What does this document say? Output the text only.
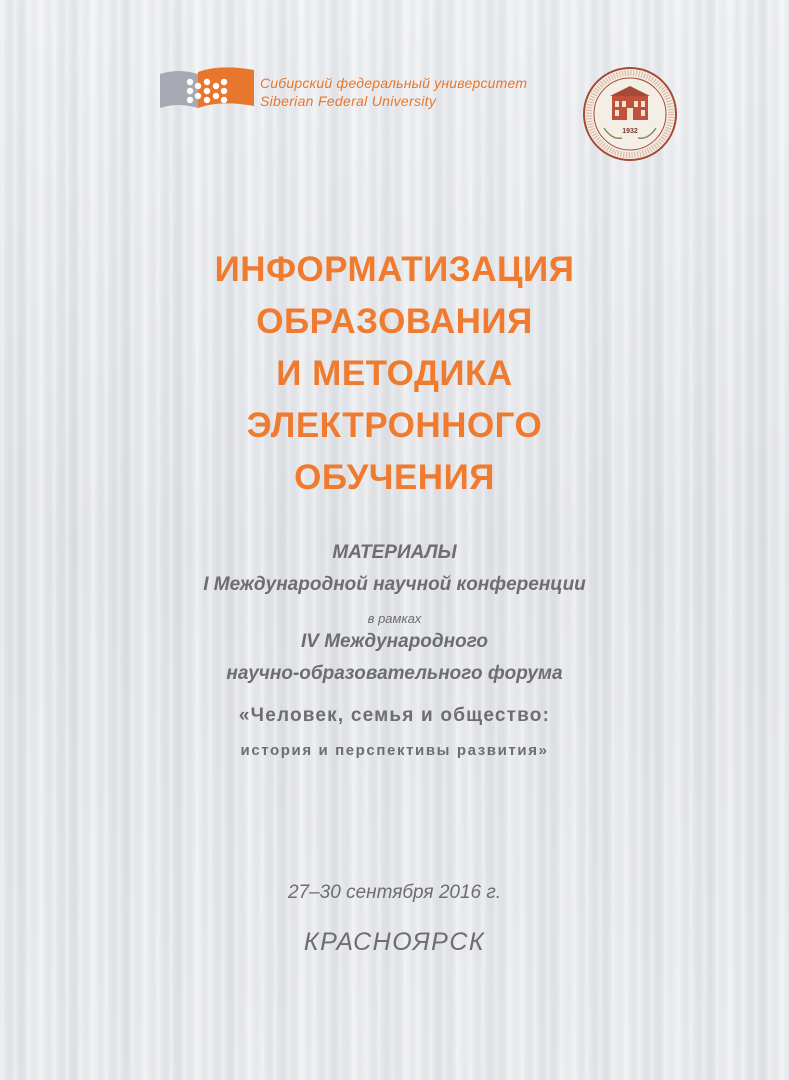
Сибирский федеральный университет
Siberian Federal University
1932
ИНФОРМАТИЗАЦИЯ
ОБРАЗОВАНИЯ
И МЕТОДИКА
ЭЛЕКТРОННОГО
ОБУЧЕНИЯ
МАТЕРИАЛЫ
I Международной научной конференции
в рамках
IV Международного
научно-образовательного форума
«Человек, семья и общество:
история и перспективы развития»
27–30 сентября 2016 г.
КРАСНОЯРСК
